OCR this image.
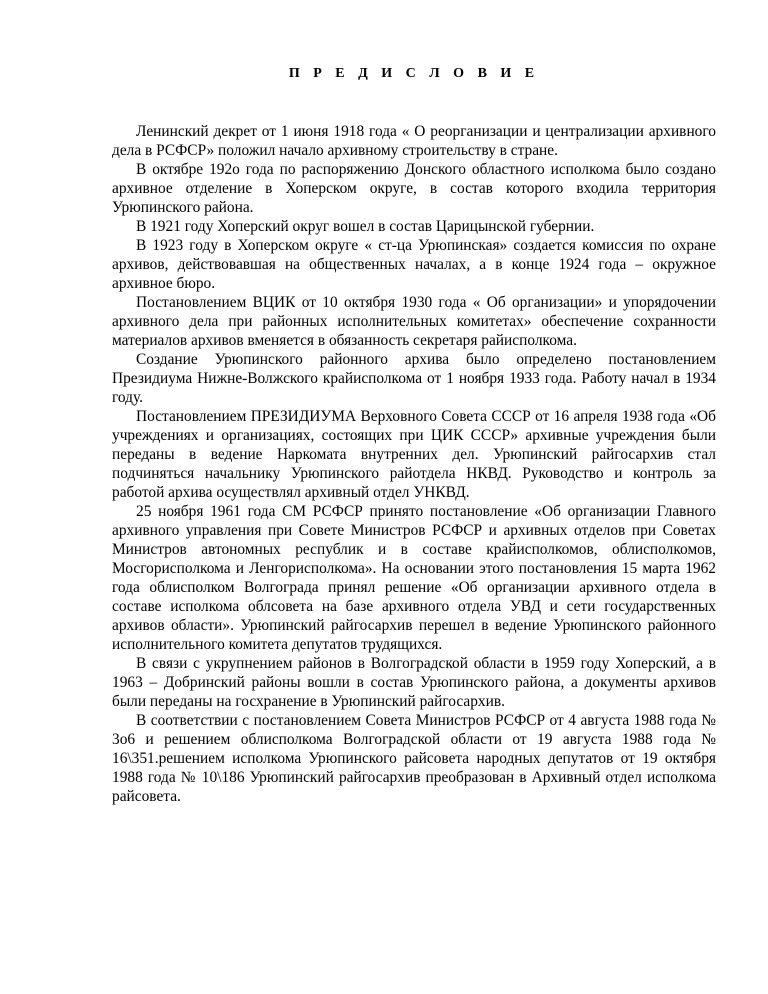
П Р Е Д И С Л О В И Е

Ленинский декрет от 1 июня 1918 года « О реорганизации и централизации архивного дела в РСФСР» положил начало архивному строительству в стране.

В октябре 192о года по распоряжению Донского областного исполкома было создано архивное отделение в Хоперском округе, в состав которого входила территория Урюпинского района.

В 1921 году Хоперский округ вошел в состав Царицынской губернии.

В 1923 году в Хоперском округе « ст-ца Урюпинская» создается комиссия по охране архивов, действовавшая на общественных началах, а в конце 1924 года – окружное архивное бюро.

Постановлением ВЦИК от 10 октября 1930 года « Об организации» и упорядочении архивного дела при районных исполнительных комитетах» обеспечение сохранности материалов архивов вменяется в обязанность секретаря райисполкома.

Создание Урюпинского районного архива было определено постановлением Президиума Нижне-Волжского крайисполкома от 1 ноября 1933 года. Работу начал в 1934 году.

Постановлением ПРЕЗИДИУМА Верховного Совета СССР от 16 апреля 1938 года «Об учреждениях и организациях, состоящих при ЦИК СССР» архивные учреждения были переданы в ведение Наркомата внутренних дел. Урюпинский райгосархив стал подчиняться начальнику Урюпинского райотдела НКВД. Руководство и контроль за работой архива осуществлял архивный отдел УНКВД.

25 ноября 1961 года СМ РСФСР принято постановление «Об организации Главного архивного управления при Совете Министров РСФСР и архивных отделов при Советах Министров автономных республик и в составе крайисполкомов, облисполкомов, Мосгорисполкома и Ленгорисполкома». На основании этого постановления 15 марта 1962 года облисполком Волгограда принял решение «Об организации архивного отдела в составе исполкома облсовета на базе архивного отдела УВД и сети государственных архивов области». Урюпинский райгосархив перешел в ведение Урюпинского районного исполнительного комитета депутатов трудящихся.

В связи с укрупнением районов в Волгоградской области в 1959 году Хоперский, а в 1963 – Добринский районы вошли в состав Урюпинского района, а документы архивов были переданы на госхранение в Урюпинский райгосархив.

В соответствии с постановлением Совета Министров РСФСР от 4 августа 1988 года № 3о6 и решением облисполкома Волгоградской области от 19 августа 1988 года № 16\351.решением исполкома Урюпинского райсовета народных депутатов от 19 октября 1988 года № 10\186 Урюпинский райгосархив преобразован в Архивный отдел исполкома райсовета.
